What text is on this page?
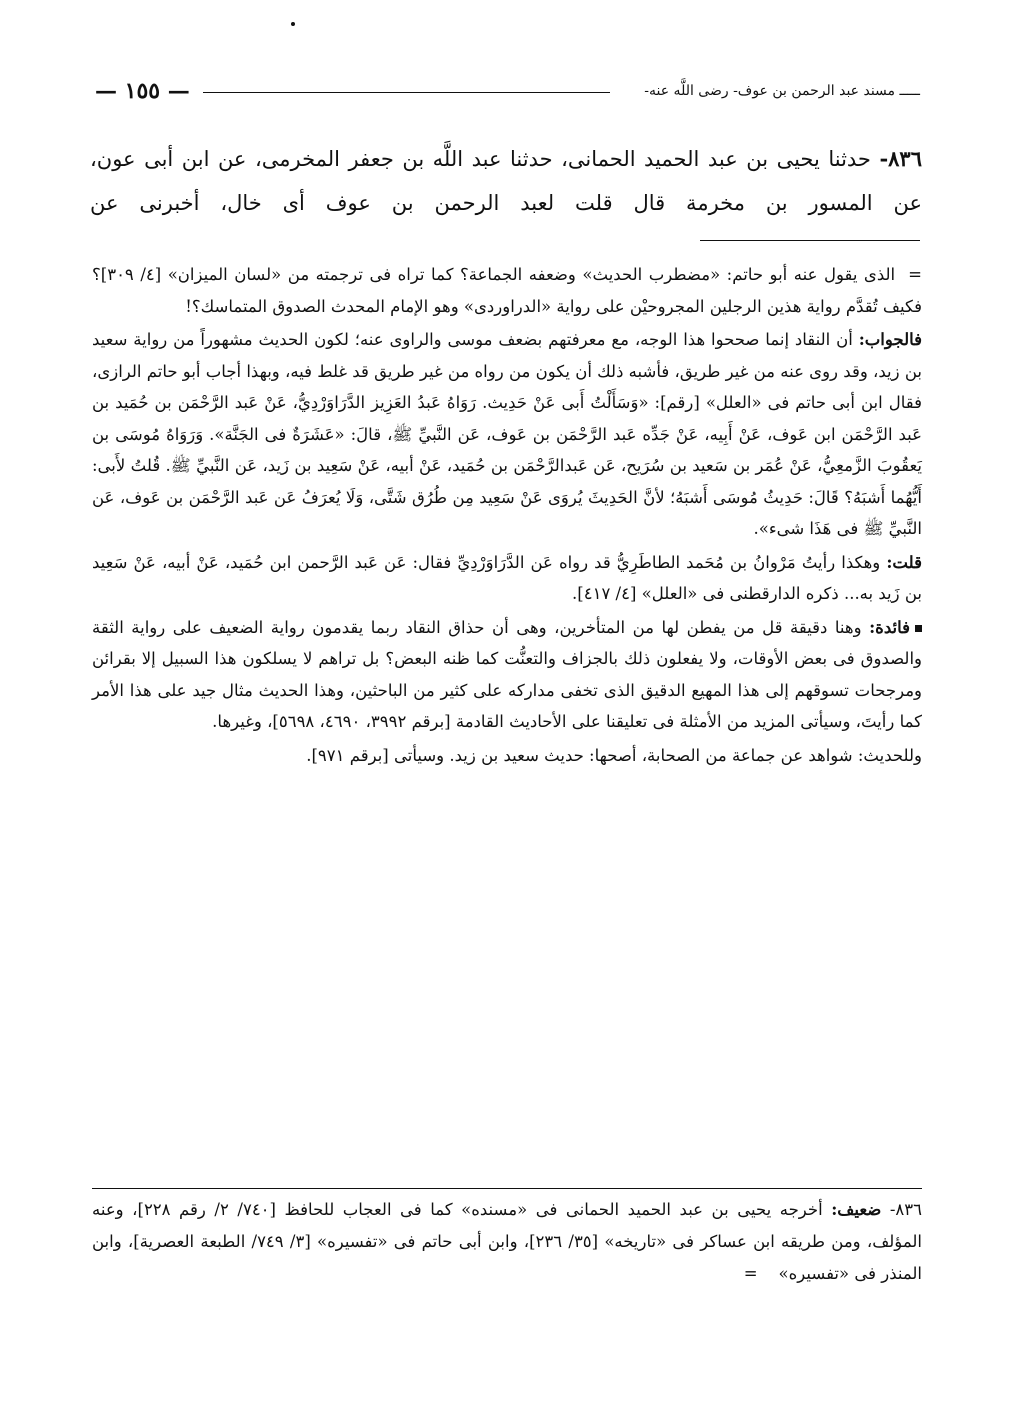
— ١٥٥ —	ـــــ مسند عبد الرحمن بن عوف- رضى اللَّه عنه-

٨٣٦- حدثنا يحيى بن عبد الحميد الحمانى، حدثنا عبد اللَّه بن جعفر المخرمى، عن ابن أبى عون، عن المسور بن مخرمة قال قلت لعبد الرحمن بن عوف أى خال، أخبرنى عن

=  الذى يقول عنه أبو حاتم: «مضطرب الحديث» وضعفه الجماعة؟ كما تراه فى ترجمته من «لسان الميزان» [٤/ ٣٠٩]؟ فكيف تُقدَّم رواية هذين الرجلين المجروحيْن على رواية «الدراوردى» وهو الإمام المحدث الصدوق المتماسك؟!

فالجواب: أن النقاد إنما صححوا هذا الوجه، مع معرفتهم بضعف موسى والراوى عنه؛ لكون الحديث مشهوراً من رواية سعيد بن زيد، وقد روى عنه من غير طريق، فأشبه ذلك أن يكون من رواه من غير طريق قد غلط فيه، وبهذا أجاب أبو حاتم الرازى، فقال ابن أبى حاتم فى «العلل» [رقم]: «وَسَأَلْتُ أَبى عَنْ حَدِيث. رَوَاهُ عَبدُ العَزِيز الدَّرَاوَرْدِيُّ، عَنْ عَبد الرَّحْمَن بن حُمَيد بن عَبد الرَّحْمَن ابن عَوف، عَنْ أَبِيه، عَنْ جَدِّه عَبد الرَّحْمَن بن عَوف، عَن النَّبيِّ ﷺ، قالَ: «عَشَرَةٌ فى الجَنَّة». وَرَوَاهُ مُوسَى بن يَعقُوبَ الزَّمعِيُّ، عَنْ عُمَر بن سَعيد بن سُرَيح، عَن عَبدالرَّحْمَن بن حُمَيد، عَنْ أبيه، عَنْ سَعِيد بن زَيد، عَن النَّبيِّ ﷺ. قُلتُ لأَبى: أَيُّهُما أَشبَهُ؟ قَالَ: حَدِيثُ مُوسَى أَشبَهُ؛ لأنَّ الحَدِيثَ يُروَى عَنْ سَعِيد مِن طُرُق شَتَّى، وَلَا يُعرَفُ عَن عَبد الرَّحْمَن بن عَوف، عَن النَّبيِّ ﷺ فى هَذَا شىء».

قلت: وهكذا رأيتُ مَرْوانُ بن مُحَمد الطاطَرِيُّ قد رواه عَن الدَّرَاوَرْدِيِّ فقال: عَن عَبد الرَّحمن ابن حُمَيد، عَنْ أبيه، عَنْ سَعِيد بن زَيد به... ذكره الدارقطنى فى «العلل» [٤/ ٤١٧].

فائدة: وهنا دقيقة قل من يفطن لها من المتأخرين، وهى أن حذاق النقاد ربما يقدمون رواية الضعيف على رواية الثقة والصدوق فى بعض الأوقات، ولا يفعلون ذلك بالجزاف والتعنُّت كما ظنه البعض؟ بل تراهم لا يسلكون هذا السبيل إلا بقرائن ومرجحات تسوقهم إلى هذا المهيع الدقيق الذى تخفى مداركه على كثير من الباحثين، وهذا الحديث مثال جيد على هذا الأمر كما رأيتَ، وسيأتى المزيد من الأمثلة فى تعليقنا على الأحاديث القادمة [برقم ٣٩٩٢، ٤٦٩٠، ٥٦٩٨]، وغيرها.

وللحديث: شواهد عن جماعة من الصحابة، أصحها: حديث سعيد بن زيد. وسيأتى [برقم ٩٧١].

٨٣٦- ضعيف: أخرجه يحيى بن عبد الحميد الحمانى فى «مسنده» كما فى العجاب للحافظ [٧٤٠/ ٢/ رقم ٢٢٨]، وعنه المؤلف، ومن طريقه ابن عساكر فى «تاريخه» [٣٥/ ٢٣٦]، وابن أبى حاتم فى «تفسيره» [٣/ ٧٤٩/ الطبعة العصرية]، وابن المنذر فى «تفسيره»    =
